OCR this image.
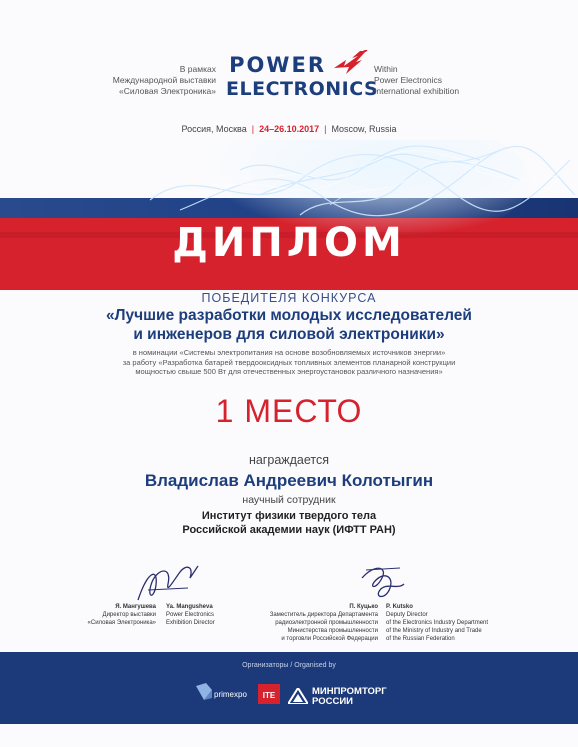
В рамках
Международной выставки
«Силовая Электроника»
POWER
ELECTRONICS
Within
Power Electronics
International exhibition
Россия, Москва | 24–26.10.2017 | Moscow, Russia
ДИПЛОМ
ПОБЕДИТЕЛЯ КОНКУРСА
«Лучшие разработки молодых исследователей
и инженеров для силовой электроники»
в номинации «Системы электропитания на основе возобновляемых источников энергии»
за работу «Разработка батарей твердооксидных топливных элементов планарной конструкции
мощностью свыше 500 Вт для отечественных энергоустановок различного назначения»
1 МЕСТО
награждается
Владислав Андреевич Колотыгин
научный сотрудник
Институт физики твердого тела
Российской академии наук (ИФТТ РАН)
Я. Мангушева
Директор выставки
«Силовая Электроника»
Ya. Mangusheva
Power Electronics
Exhibition Director
П. Куцько
Заместитель директора Департамента
радиоэлектронной промышленности
Министерства промышленности
и торговли Российской Федерации
P. Kutsko
Deputy Director
of the Electronics Industry Department
of the Ministry of Industry and Trade
of the Russian Federation
Организаторы / Organised by
primexpo ITE	МИНПРОМТОРГ
РОССИИ
